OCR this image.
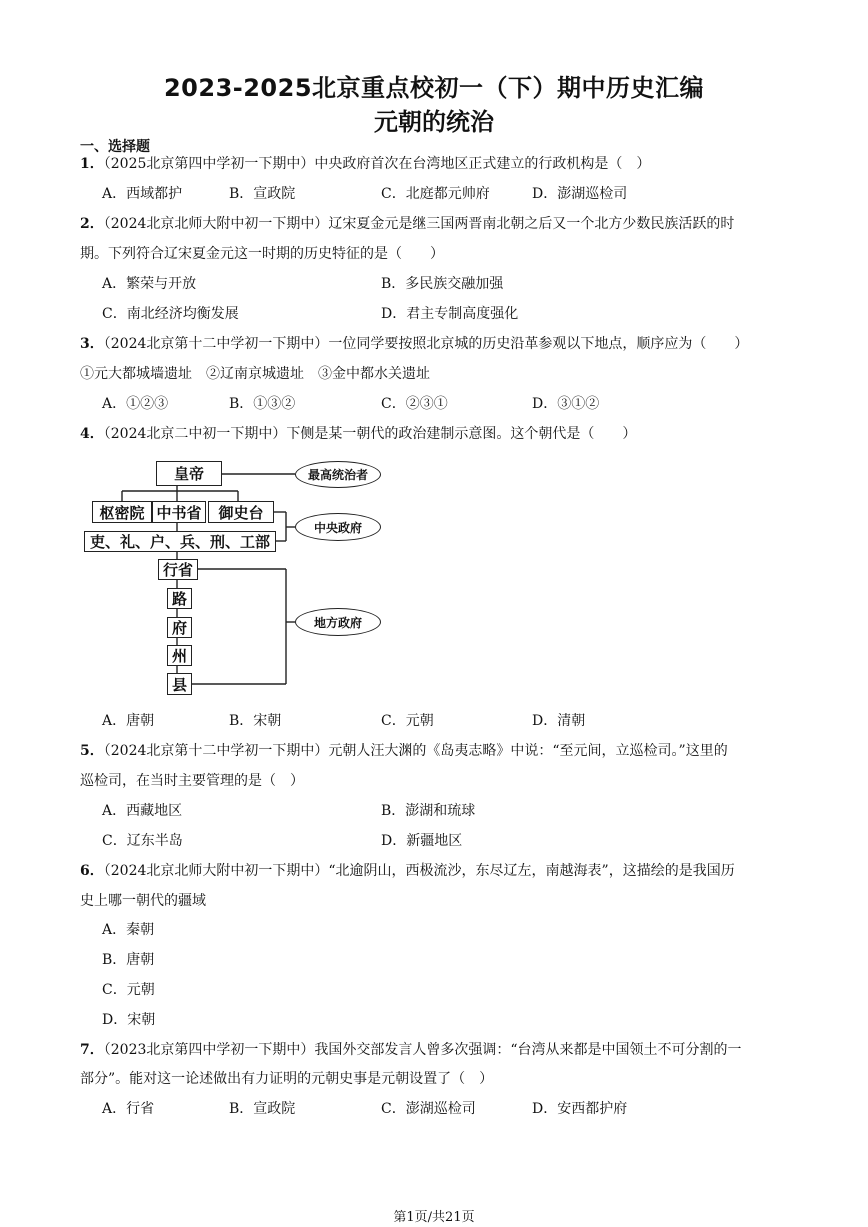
2023-2025北京重点校初一（下）期中历史汇编
元朝的统治
一、选择题
1．（2025北京第四中学初一下期中）中央政府首次在台湾地区正式建立的行政机构是（　）
A．西域都护	B．宣政院	C．北庭都元帅府	D．澎湖巡检司
2．（2024北京北师大附中初一下期中）辽宋夏金元是继三国两晋南北朝之后又一个北方少数民族活跃的时
期。下列符合辽宋夏金元这一时期的历史特征的是（　　）
A．繁荣与开放	B．多民族交融加强
C．南北经济均衡发展	D．君主专制高度强化
3．（2024北京第十二中学初一下期中）一位同学要按照北京城的历史沿革参观以下地点，顺序应为（　　）
①元大都城墙遗址　②辽南京城遗址　③金中都水关遗址
A．①②③	B．①③②	C．②③①	D．③①②
4．（2024北京二中初一下期中）下侧是某一朝代的政治建制示意图。这个朝代是（　　）
皇帝	最高统治者
枢密院 中书省	御史台
中央政府
吏、礼、户、兵、刑、工部
行省
路
府
州
县
地方政府
A．唐朝	B．宋朝	C．元朝	D．清朝
5．（2024北京第十二中学初一下期中）元朝人汪大渊的《岛夷志略》中说：“至元间，立巡检司。”这里的
巡检司，在当时主要管理的是（　）
A．西藏地区	B．澎湖和琉球
C．辽东半岛	D．新疆地区
6．（2024北京北师大附中初一下期中）“北逾阴山，西极流沙，东尽辽左，南越海表”，这描绘的是我国历
史上哪一朝代的疆域
A．秦朝
B．唐朝
C．元朝
D．宋朝
7．（2023北京第四中学初一下期中）我国外交部发言人曾多次强调：“台湾从来都是中国领土不可分割的一
部分”。能对这一论述做出有力证明的元朝史事是元朝设置了（　）
A．行省	B．宣政院	C．澎湖巡检司	D．安西都护府
第1页/共21页
